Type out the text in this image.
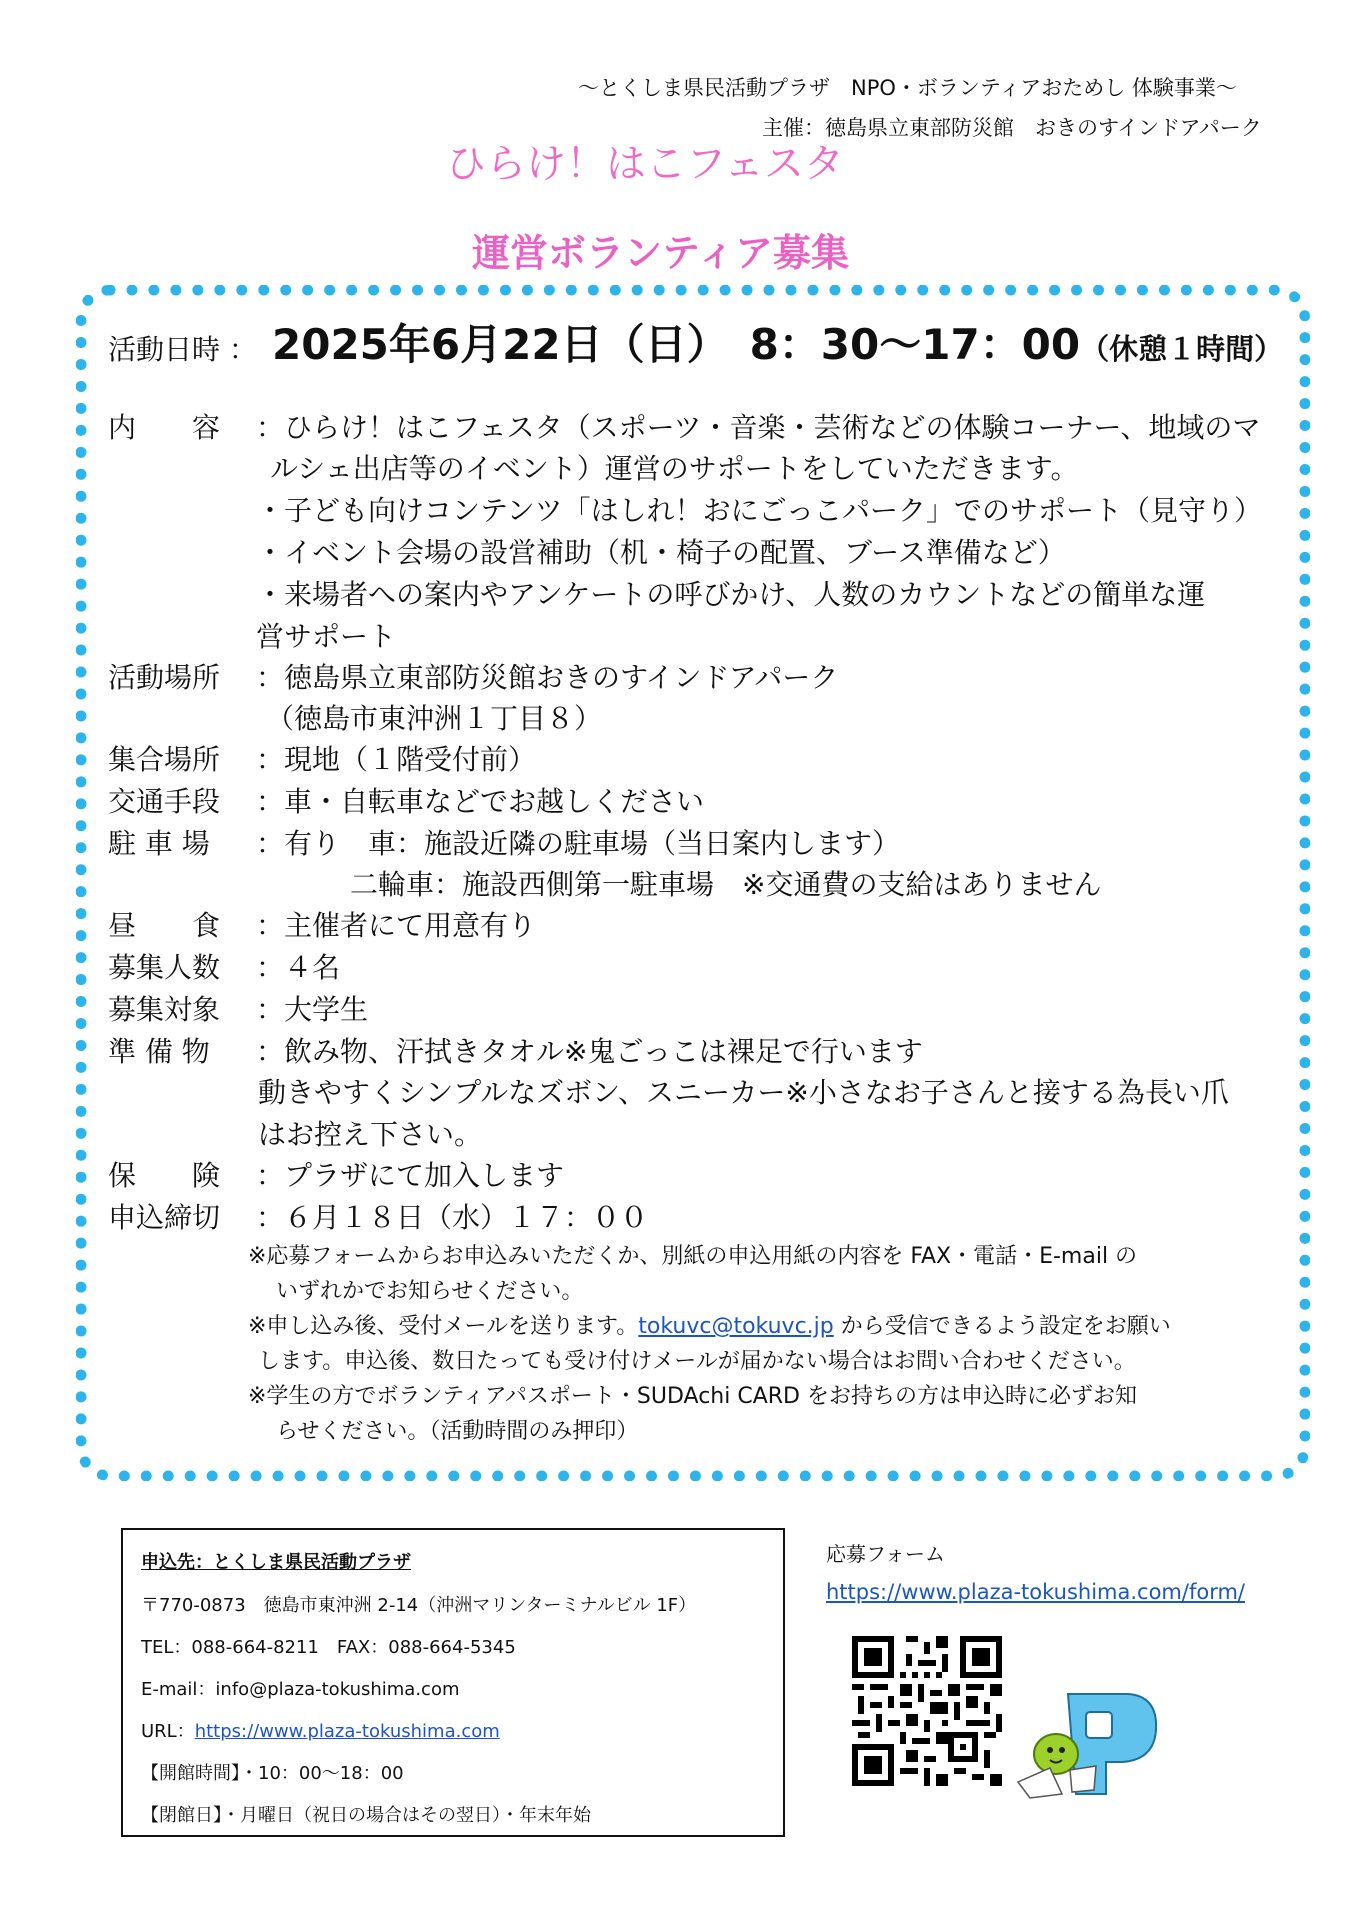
～とくしま県民活動プラザ　NPO・ボランティアおためし 体験事業～
主催：徳島県立東部防災館　おきのすインドアパーク
ひらけ！はこフェスタ
運営ボランティア募集
活動日時 ： 2025年6月22日（日）　8：30～17：00（休憩１時間）
内　　容 ：ひらけ！はこフェスタ（スポーツ・音楽・芸術などの体験コーナー、地域のマ
ルシェ出店等のイベント）運営のサポートをしていただきます。
・子ども向けコンテンツ「はしれ！おにごっこパーク」でのサポート（見守り）
・イベント会場の設営補助（机・椅子の配置、ブース準備など）
・来場者への案内やアンケートの呼びかけ、人数のカウントなどの簡単な運
営サポート
活動場所 ：徳島県立東部防災館おきのすインドアパーク
（徳島市東沖洲１丁目８）
集合場所 ：現地（１階受付前）
交通手段 ：車・自転車などでお越しください
駐 車 場 ：有り　車：施設近隣の駐車場（当日案内します）
二輪車：施設西側第一駐車場　※交通費の支給はありません
昼　　食 ：主催者にて用意有り
募集人数 ：４名
募集対象 ：大学生
準 備 物 ：飲み物、汗拭きタオル※鬼ごっこは裸足で行います
動きやすくシンプルなズボン、スニーカー※小さなお子さんと接する為長い爪
はお控え下さい。
保　　険 ：プラザにて加入します
申込締切 ：６月１８日（水）１７：００
※応募フォームからお申込みいただくか、別紙の申込用紙の内容を FAX・電話・E-mail の
いずれかでお知らせください。
※申し込み後、受付メールを送ります。tokuvc@tokuvc.jp から受信できるよう設定をお願い
します。申込後、数日たっても受け付けメールが届かない場合はお問い合わせください。
※学生の方でボランティアパスポート・SUDAchi CARD をお持ちの方は申込時に必ずお知
らせください。（活動時間のみ押印）
申込先：とくしま県民活動プラザ
〒770-0873　徳島市東沖洲 2-14（沖洲マリンターミナルビル 1F）
TEL：088-664-8211　FAX：088-664-5345
E-mail：info@plaza-tokushima.com
URL：https://www.plaza-tokushima.com
【開館時間】・10：00～18：00
【閉館日】・月曜日（祝日の場合はその翌日）・年末年始
応募フォーム
https://www.plaza-tokushima.com/form/
